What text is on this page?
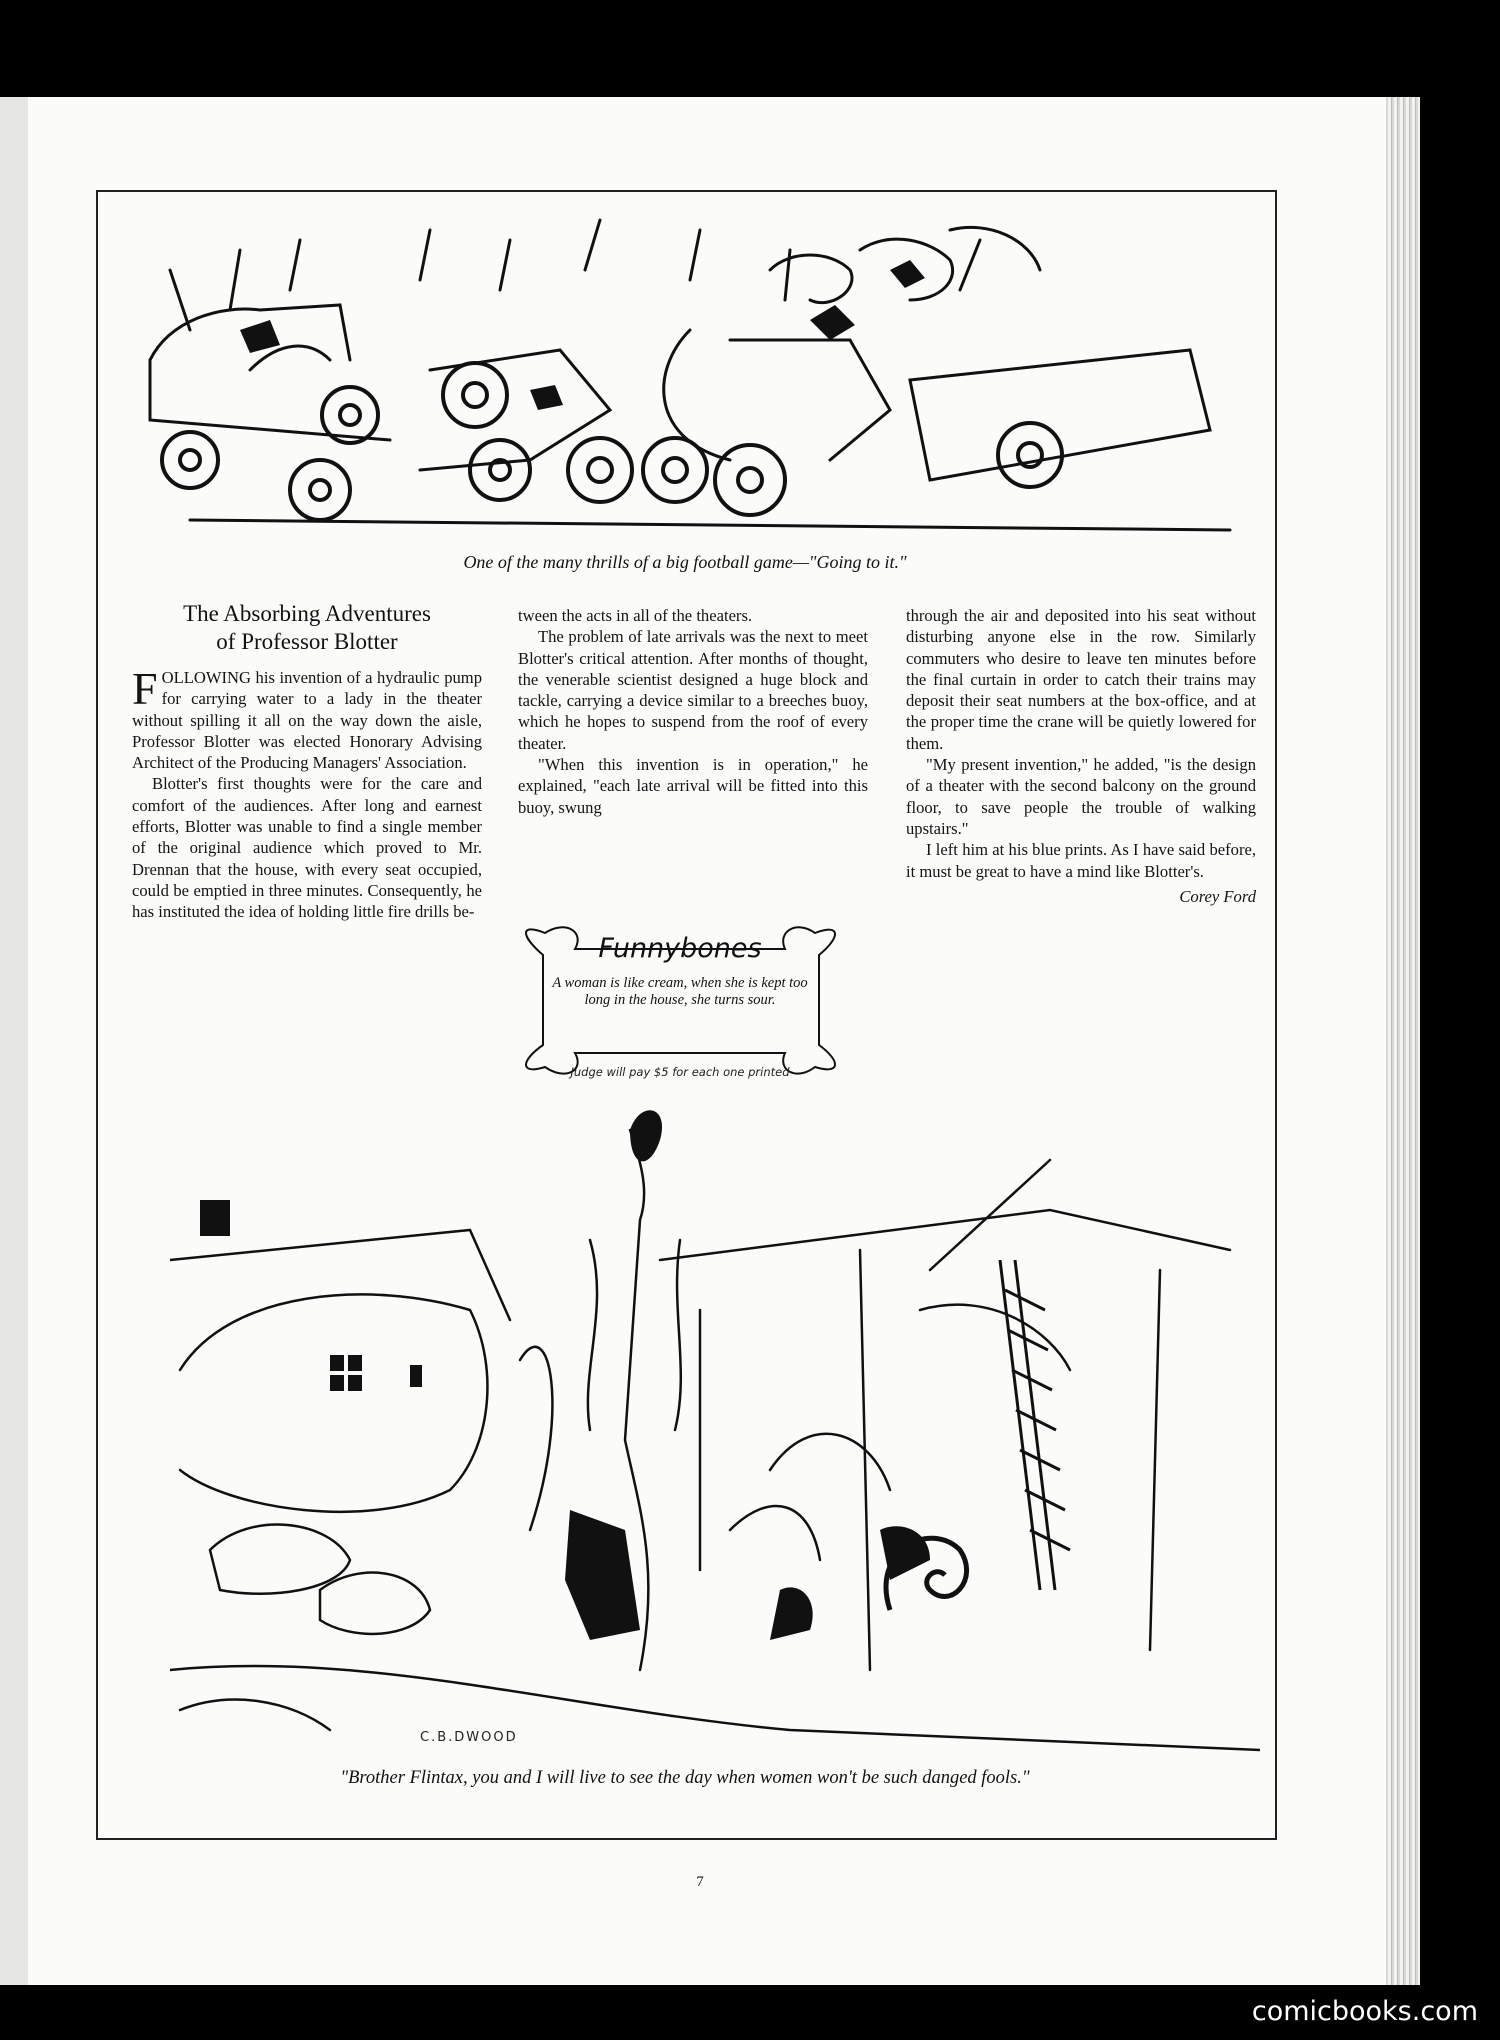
One of the many thrills of a big football game—"Going to it."
The Absorbing Adventures
of Professor Blotter

FOLLOWING his invention of a hydraulic pump for carrying water to a lady in the theater without spilling it all on the way down the aisle, Professor Blotter was elected Honorary Advising Architect of the Producing Managers' Association.

Blotter's first thoughts were for the care and comfort of the audiences. After long and earnest efforts, Blotter was unable to find a single member of the original audience which proved to Mr. Drennan that the house, with every seat occupied, could be emptied in three minutes. Consequently, he has instituted the idea of holding little fire drills be-

tween the acts in all of the theaters.

The problem of late arrivals was the next to meet Blotter's critical attention. After months of thought, the venerable scientist designed a huge block and tackle, carrying a device similar to a breeches buoy, which he hopes to suspend from the roof of every theater.

"When this invention is in operation," he explained, "each late arrival will be fitted into this buoy, swung

through the air and deposited into his seat without disturbing anyone else in the row. Similarly commuters who desire to leave ten minutes before the final curtain in order to catch their trains may deposit their seat numbers at the box-office, and at the proper time the crane will be quietly lowered for them.

"My present invention," he added, "is the design of a theater with the second balcony on the ground floor, to save people the trouble of walking upstairs."

I left him at his blue prints. As I have said before, it must be great to have a mind like Blotter's.

Corey Ford

Funnybones
A woman is like cream, when she is kept too long in the house, she turns sour.
Judge will pay $5 for each one printed
C.B.DWOOD
"Brother Flintax, you and I will live to see the day when women won't be such danged fools."
7
comicbooks.com
